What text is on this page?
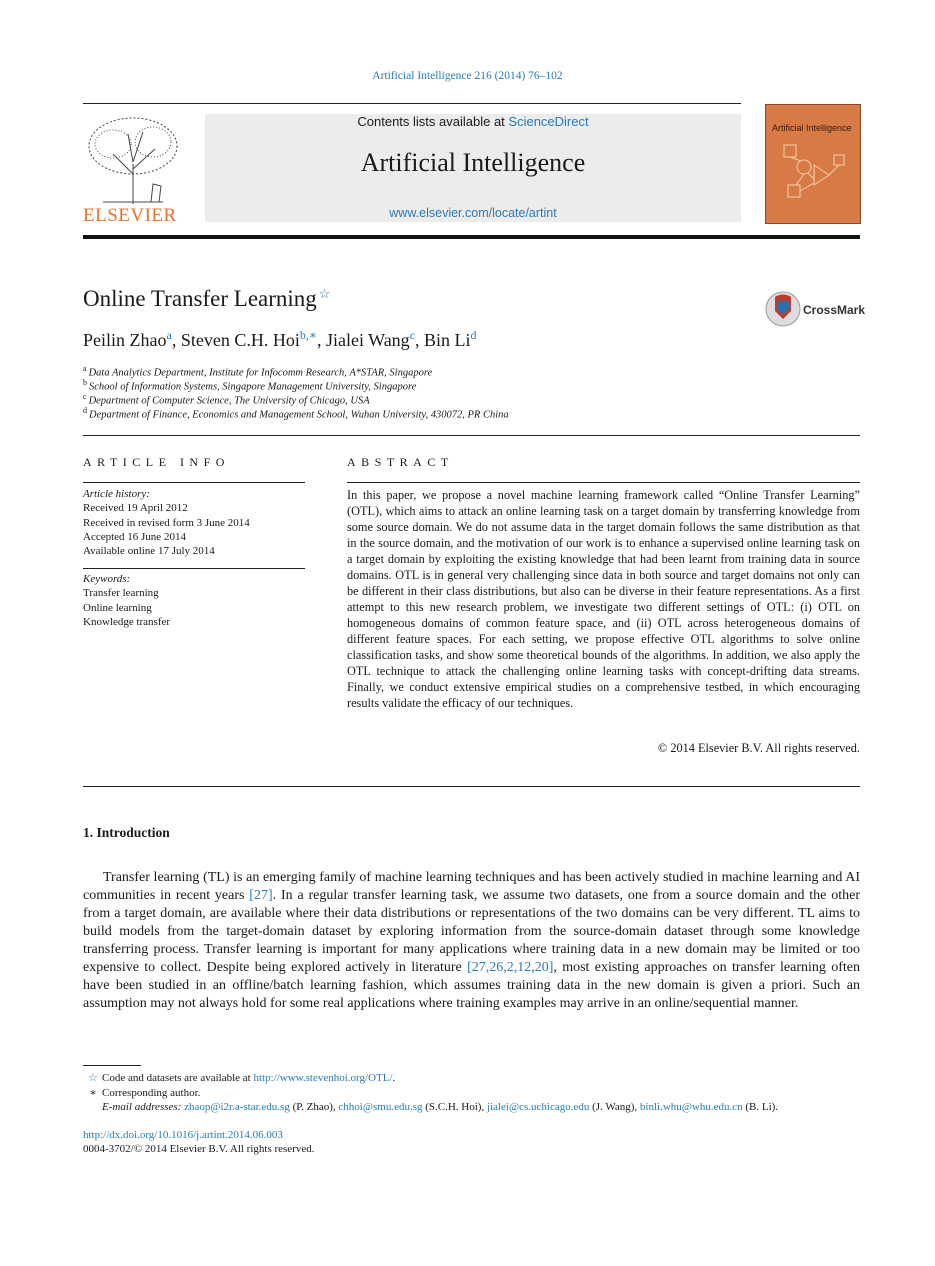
Artificial Intelligence 216 (2014) 76–102
ELSEVIER
Contents lists available at ScienceDirect
Artificial Intelligence
www.elsevier.com/locate/artint
Artificial Intelligence
Online Transfer Learning ☆
CrossMark
Peilin Zhao$^a$, Steven C.H. Hoi$^{b,∗}$, Jialei Wang$^c$, Bin Li$^d$
$^a$ Data Analytics Department, Institute for Infocomm Research, A*STAR, Singapore
$^b$ School of Information Systems, Singapore Management University, Singapore
$^c$ Department of Computer Science, The University of Chicago, USA
$^d$ Department of Finance, Economics and Management School, Wuhan University, 430072, PR China
ARTICLE INFO
Article history:
Received 19 April 2012
Received in revised form 3 June 2014
Accepted 16 June 2014
Available online 17 July 2014
Keywords:
Transfer learning
Online learning
Knowledge transfer
ABSTRACT
In this paper, we propose a novel machine learning framework called “Online Transfer Learning” (OTL), which aims to attack an online learning task on a target domain by transferring knowledge from some source domain. We do not assume data in the target domain follows the same distribution as that in the source domain, and the motivation of our work is to enhance a supervised online learning task on a target domain by exploiting the existing knowledge that had been learnt from training data in source domains. OTL is in general very challenging since data in both source and target domains not only can be different in their class distributions, but also can be diverse in their feature representations. As a first attempt to this new research problem, we investigate two different settings of OTL: (i) OTL on homogeneous domains of common feature space, and (ii) OTL across heterogeneous domains of different feature spaces. For each setting, we propose effective OTL algorithms to solve online classification tasks, and show some theoretical bounds of the algorithms. In addition, we also apply the OTL technique to attack the challenging online learning tasks with concept-drifting data streams. Finally, we conduct extensive empirical studies on a comprehensive testbed, in which encouraging results validate the efficacy of our techniques.
© 2014 Elsevier B.V. All rights reserved.
1. Introduction
Transfer learning (TL) is an emerging family of machine learning techniques and has been actively studied in machine learning and AI communities in recent years [27]. In a regular transfer learning task, we assume two datasets, one from a source domain and the other from a target domain, are available where their data distributions or representations of the two domains can be very different. TL aims to build models from the target-domain dataset by exploring information from the source-domain dataset through some knowledge transferring process. Transfer learning is important for many applications where training data in a new domain may be limited or too expensive to collect. Despite being explored actively in literature [27,26,2,12,20], most existing approaches on transfer learning often have been studied in an offline/batch learning fashion, which assumes training data in the new domain is given a priori. Such an assumption may not always hold for some real applications where training examples may arrive in an online/sequential manner.
☆ Code and datasets are available at http://www.stevenhoi.org/OTL/.
∗ Corresponding author.
E-mail addresses: zhaop@i2r.a-star.edu.sg (P. Zhao), chhoi@smu.edu.sg (S.C.H. Hoi), jialei@cs.uchicago.edu (J. Wang), binli.whu@whu.edu.cn (B. Li).
http://dx.doi.org/10.1016/j.artint.2014.06.003
0004-3702/© 2014 Elsevier B.V. All rights reserved.
